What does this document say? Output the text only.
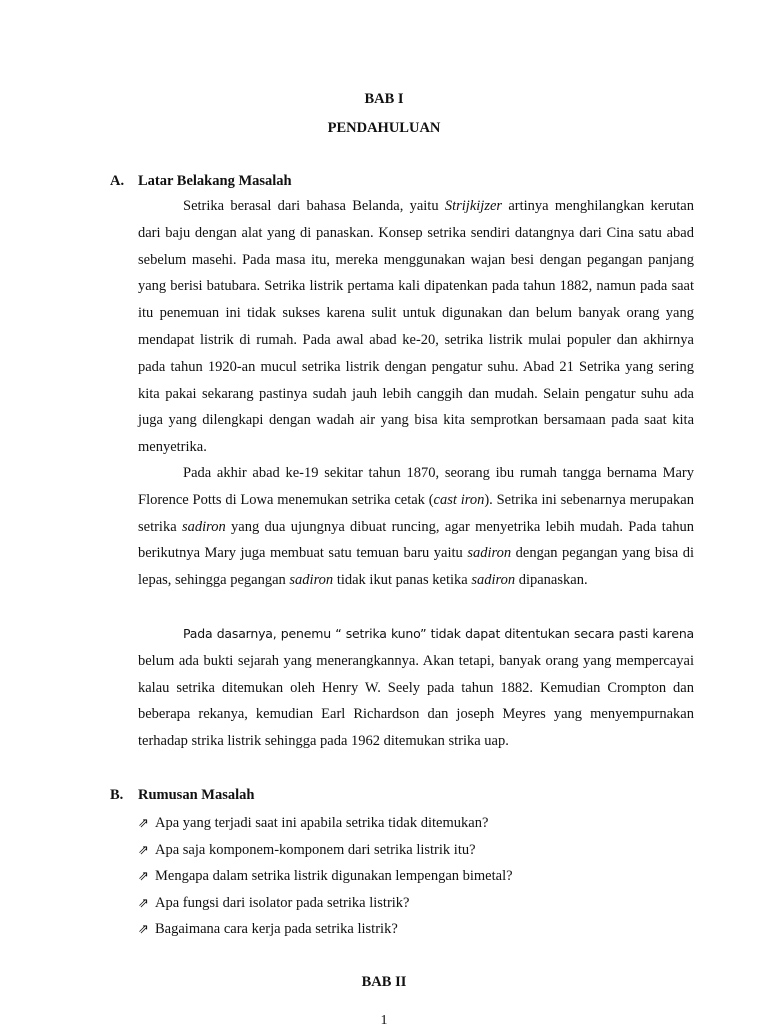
BAB I
PENDAHULUAN
A. Latar Belakang Masalah

Setrika berasal dari bahasa Belanda, yaitu Strijkijzer artinya menghilangkan kerutan dari baju dengan alat yang di panaskan. Konsep setrika sendiri datangnya dari Cina satu abad sebelum masehi. Pada masa itu, mereka menggunakan wajan besi dengan pegangan panjang yang berisi batubara. Setrika listrik pertama kali dipatenkan pada tahun 1882, namun pada saat itu penemuan ini tidak sukses karena sulit untuk digunakan dan belum banyak orang yang mendapat listrik di rumah. Pada awal abad ke-20, setrika listrik mulai populer dan akhirnya pada tahun 1920-an mucul setrika listrik dengan pengatur suhu. Abad 21 Setrika yang sering kita pakai sekarang pastinya sudah jauh lebih canggih dan mudah. Selain pengatur suhu ada juga yang dilengkapi dengan wadah air yang bisa kita semprotkan bersamaan pada saat kita menyetrika.

Pada akhir abad ke-19 sekitar tahun 1870, seorang ibu rumah tangga bernama Mary Florence Potts di Lowa menemukan setrika cetak (cast iron). Setrika ini sebenarnya merupakan setrika sadiron yang dua ujungnya dibuat runcing, agar menyetrika lebih mudah. Pada tahun berikutnya Mary juga membuat satu temuan baru yaitu sadiron dengan pegangan yang bisa di lepas, sehingga pegangan sadiron tidak ikut panas ketika sadiron dipanaskan.

Pada dasarnya, penemu “ setrika kuno” tidak dapat ditentukan secara pasti karena belum ada bukti sejarah yang menerangkannya. Akan tetapi, banyak orang yang mempercayai kalau setrika ditemukan oleh Henry W. Seely pada tahun 1882. Kemudian Crompton dan beberapa rekanya, kemudian Earl Richardson dan joseph Meyres yang menyempurnakan terhadap strika listrik sehingga pada 1962 ditemukan strika uap.

B. Rumusan Masalah
⇗ Apa yang terjadi saat ini apabila setrika tidak ditemukan?
⇗ Apa saja komponem-komponem dari setrika listrik itu?
⇗ Mengapa dalam setrika listrik digunakan lempengan bimetal?
⇗ Apa fungsi dari isolator pada setrika listrik?
⇗ Bagaimana cara kerja pada setrika listrik?
BAB II
1
